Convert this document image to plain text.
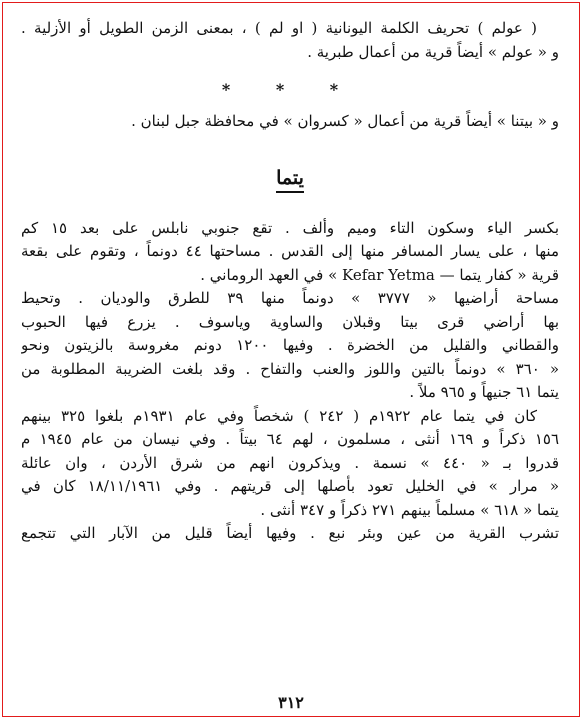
( عولم ) تحريف الكلمة اليونانية ( او لم ) ، بمعنى الزمن الطويل أو الأزلية .
و « عولم » أيضاً قرية من أعمال طبرية .

* * *

و « بيتنا » أيضاً قرية من أعمال « كسروان » في محافظة جبل لبنان .

يتما

بكسر الياء وسكون التاء وميم وألف . تقع جنوبي نابلس على بعد ١٥ كم
منها ، على يسار المسافر منها إلى القدس . مساحتها ٤٤ دونماً ، وتقوم على بقعة
قرية « كفار يتما — Kefar Yetma » في العهد الروماني .

مساحة أراضيها « ٣٧٧٧ » دونماً منها ٣٩ للطرق والوديان . وتحيط
بها أراضي قرى بيتا وقبلان والساوية وياسوف . يزرع فيها الحبوب
والقطاني والقليل من الخضرة . وفيها ١٢٠٠ دونم مغروسة بالزيتون ونحو
« ٣٦٠ » دونماً بالتين واللوز والعنب والتفاح . وقد بلغت الضريبة المطلوبة من
يتما ٦١ جنيهاً و ٩٦٥ ملاً .

كان في يتما عام ١٩٢٢م ( ٢٤٢ ) شخصاً وفي عام ١٩٣١م بلغوا ٣٢٥ بينهم
١٥٦ ذكراً و ١٦٩ أنثى ، مسلمون ، لهم ٦٤ بيتاً . وفي نيسان من عام ١٩٤٥ م
قدروا بـ « ٤٤٠ » نسمة . ويذكرون انهم من شرق الأردن ، وان عائلة
« مرار » في الخليل تعود بأصلها إلى قريتهم . وفي ١٨/١١/١٩٦١ كان في
يتما « ٦١٨ » مسلماً بينهم ٢٧١ ذكراً و ٣٤٧ أنثى .

تشرب القرية من عين وبئر نبع . وفيها أيضاً قليل من الآبار التي تتجمع

٣١٢
